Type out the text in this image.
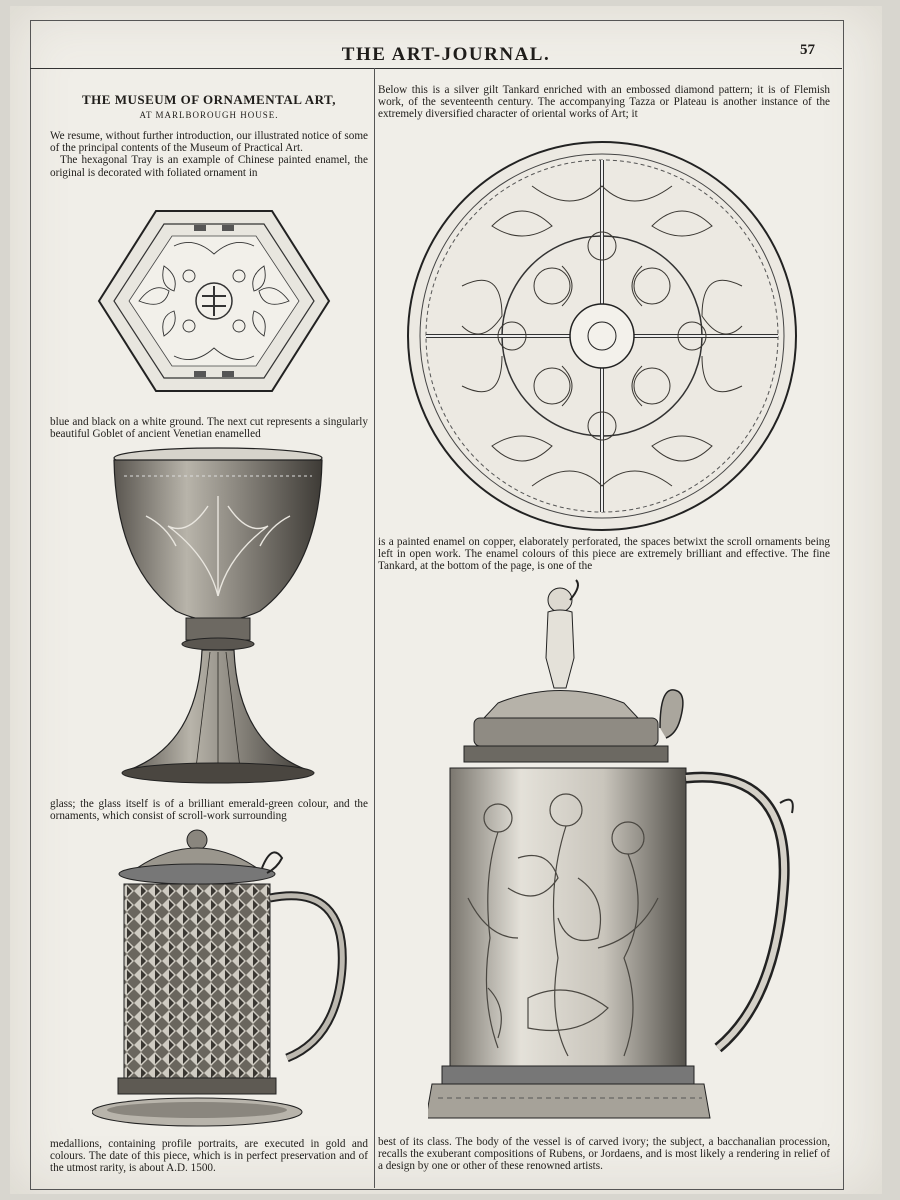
THE ART-JOURNAL.	57
THE MUSEUM OF ORNAMENTAL ART,
AT MARLBOROUGH HOUSE.
We resume, without further introduction, our illustrated notice of some of the principal contents of the Museum of Practical Art.
The hexagonal Tray is an example of Chinese painted enamel, the original is decorated with foliated ornament in
blue and black on a white ground. The next cut represents a singularly beautiful Goblet of ancient Venetian enamelled
glass; the glass itself is of a brilliant emerald-green colour, and the ornaments, which consist of scroll-work surrounding
medallions, containing profile portraits, are executed in gold and colours. The date of this piece, which is in perfect preservation and of the utmost rarity, is about A.D. 1500.
Below this is a silver gilt Tankard enriched with an embossed diamond pattern; it is of Flemish work, of the seventeenth century. The accompanying Tazza or Plateau is another instance of the extremely diversified character of oriental works of Art; it
is a painted enamel on copper, elaborately perforated, the spaces betwixt the scroll ornaments being left in open work. The enamel colours of this piece are extremely brilliant and effective. The fine Tankard, at the bottom of the page, is one of the
best of its class. The body of the vessel is of carved ivory; the subject, a bacchanalian procession, recalls the exuberant compositions of Rubens, or Jordaens, and is most likely a rendering in relief of a design by one or other of these renowned artists.
